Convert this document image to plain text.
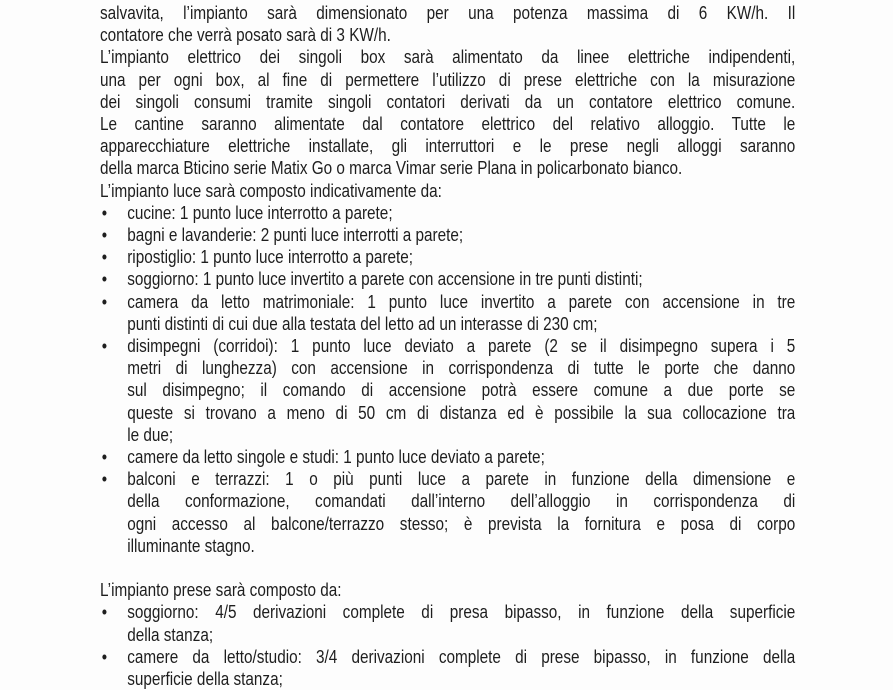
salvavita, l’impianto sarà dimensionato per una potenza massima di 6 KW/h. Il
contatore che verrà posato sarà di 3 KW/h.
L’impianto elettrico dei singoli box sarà alimentato da linee elettriche indipendenti,
una per ogni box, al fine di permettere l’utilizzo di prese elettriche con la misurazione
dei singoli consumi tramite singoli contatori derivati da un contatore elettrico comune.
Le cantine saranno alimentate dal contatore elettrico del relativo alloggio. Tutte le
apparecchiature elettriche installate, gli interruttori e le prese negli alloggi saranno
della marca Bticino serie Matix Go o marca Vimar serie Plana in policarbonato bianco.
L’impianto luce sarà composto indicativamente da:
• cucine: 1 punto luce interrotto a parete;
• bagni e lavanderie: 2 punti luce interrotti a parete;
• ripostiglio: 1 punto luce interrotto a parete;
• soggiorno: 1 punto luce invertito a parete con accensione in tre punti distinti;
• camera da letto matrimoniale: 1 punto luce invertito a parete con accensione in tre
punti distinti di cui due alla testata del letto ad un interasse di 230 cm;
• disimpegni (corridoi): 1 punto luce deviato a parete (2 se il disimpegno supera i 5
metri di lunghezza) con accensione in corrispondenza di tutte le porte che danno
sul disimpegno; il comando di accensione potrà essere comune a due porte se
queste si trovano a meno di 50 cm di distanza ed è possibile la sua collocazione tra
le due;
• camere da letto singole e studi: 1 punto luce deviato a parete;
• balconi e terrazzi: 1 o più punti luce a parete in funzione della dimensione e
della conformazione, comandati dall’interno dell’alloggio in corrispondenza di
ogni accesso al balcone/terrazzo stesso; è prevista la fornitura e posa di corpo
illuminante stagno.
L’impianto prese sarà composto da:
• soggiorno: 4/5 derivazioni complete di presa bipasso, in funzione della superficie
della stanza;
• camere da letto/studio: 3/4 derivazioni complete di prese bipasso, in funzione della
superficie della stanza;
